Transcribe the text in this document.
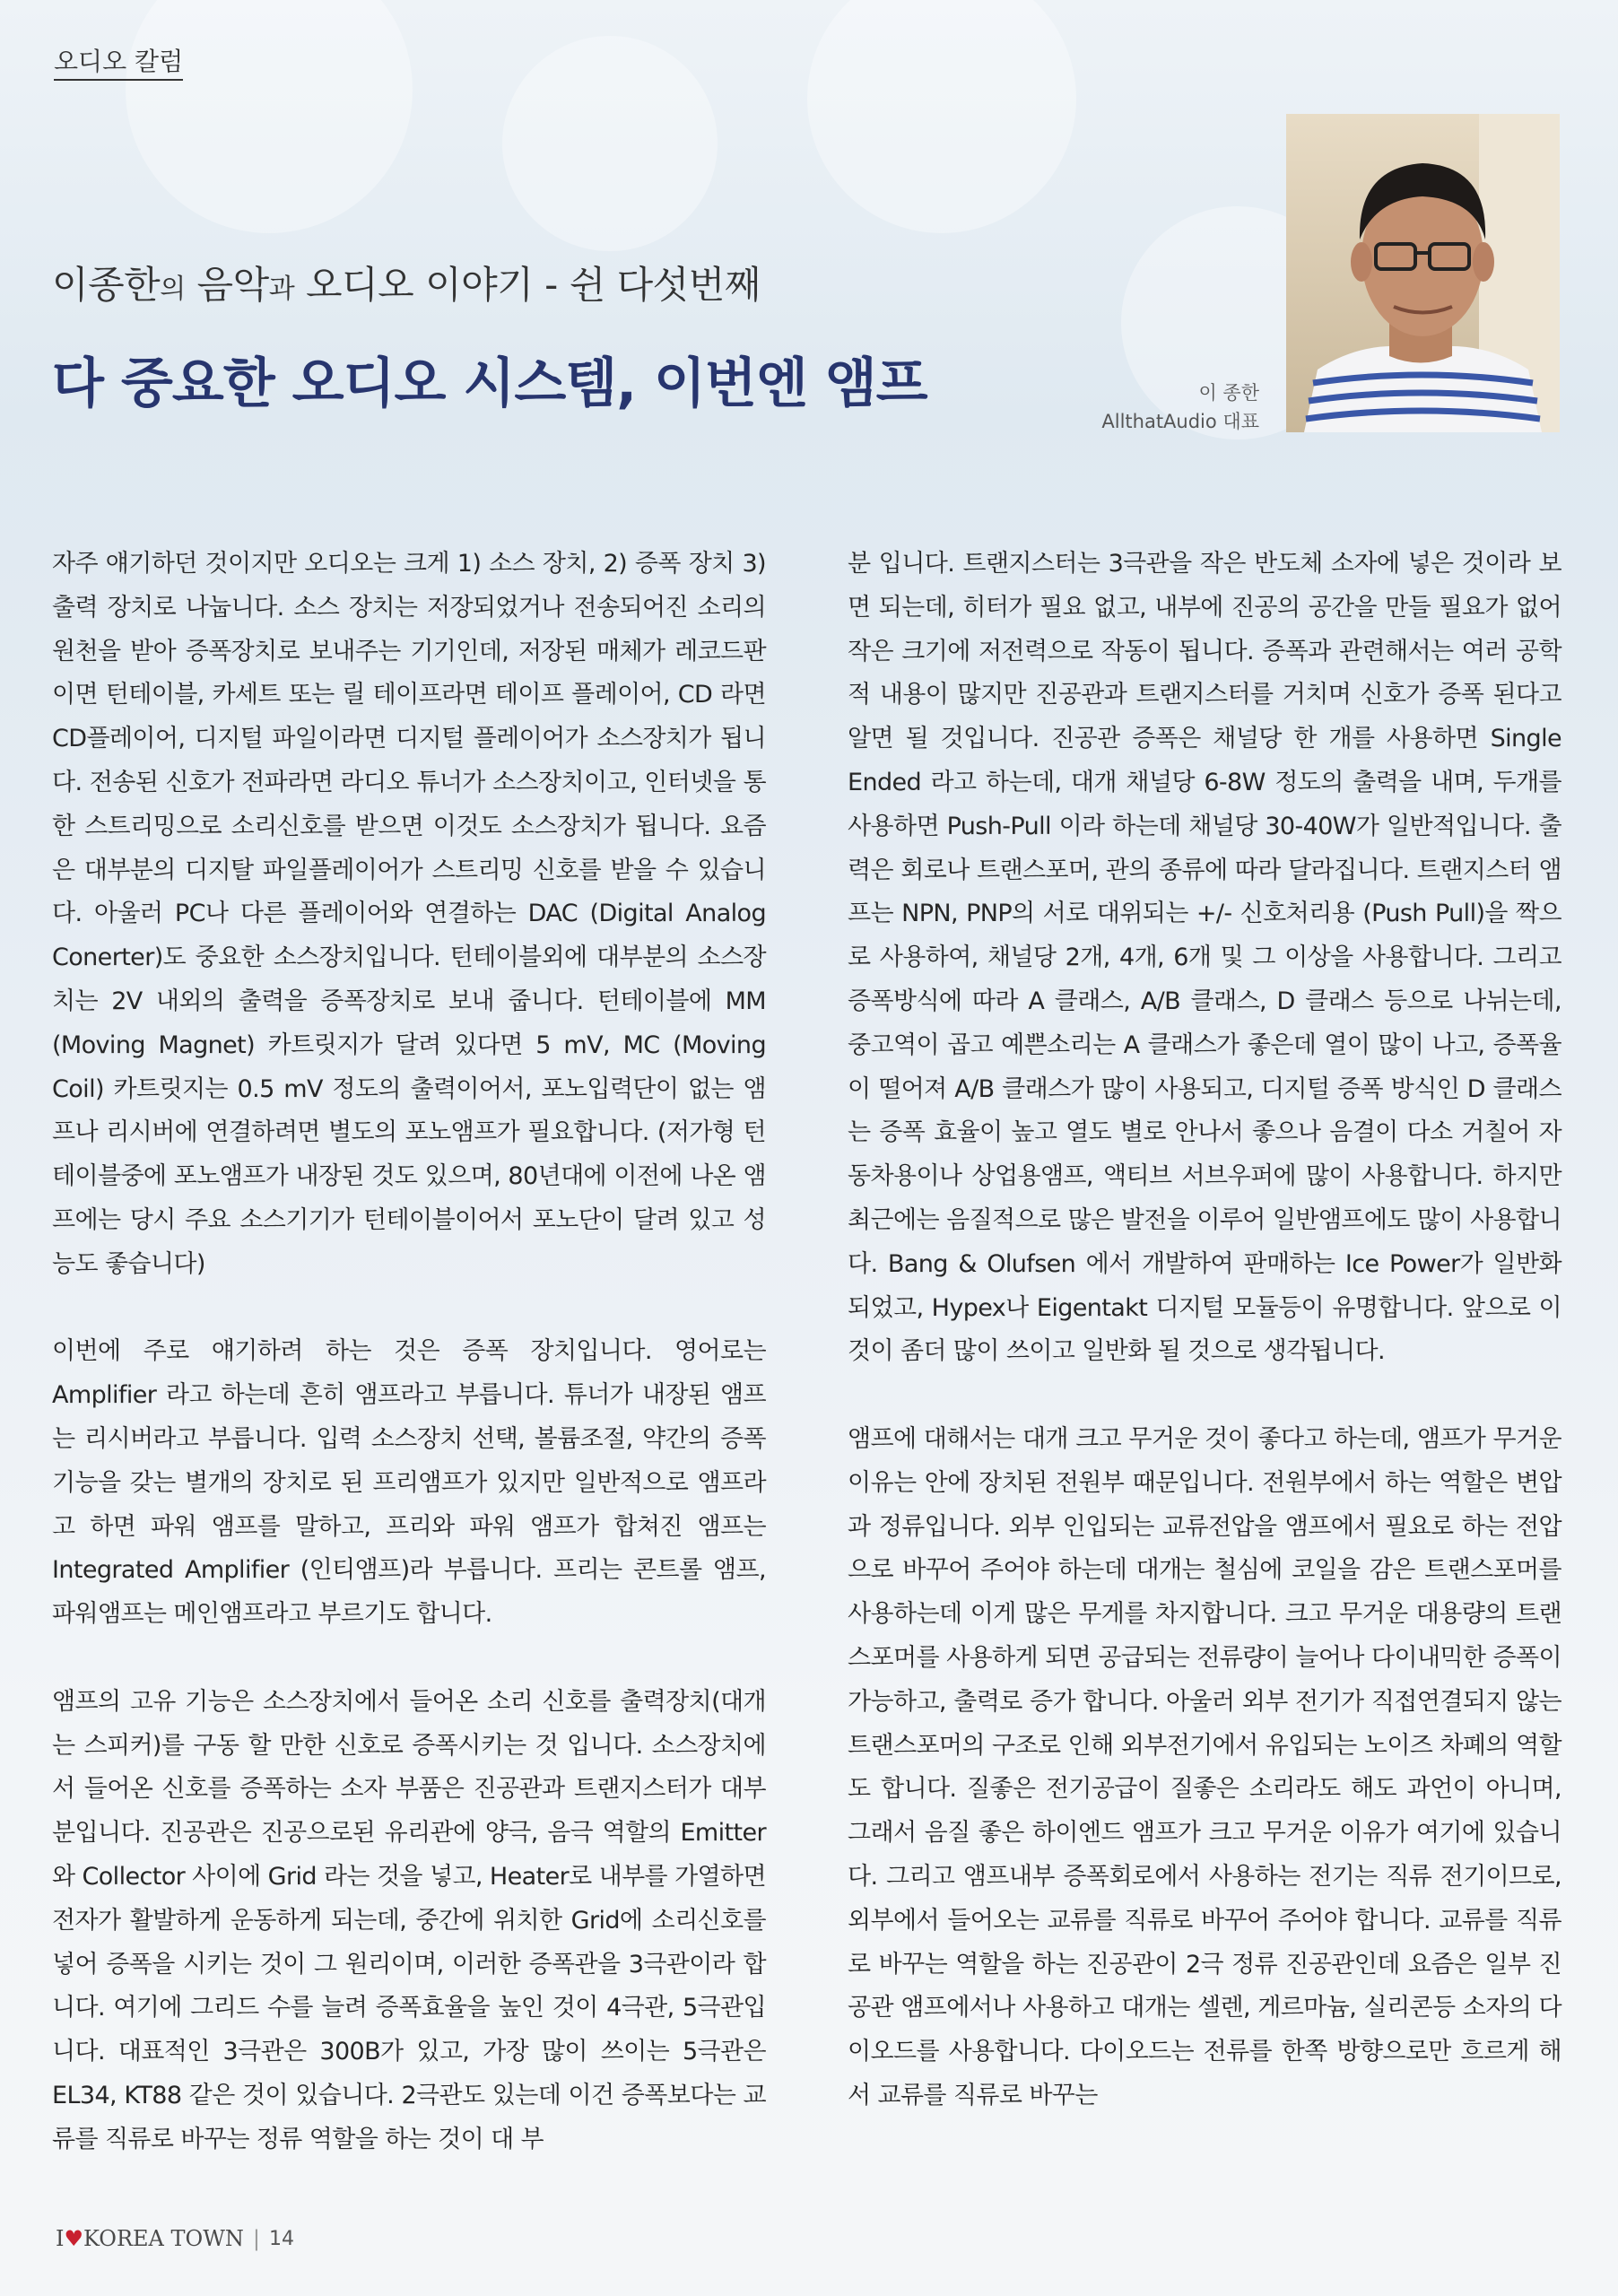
오디오 칼럼
이종한의 음악과 오디오 이야기 - 쉰 다섯번째
다 중요한 오디오 시스템, 이번엔 앰프	이 종한
AllthatAudio 대표

자주 얘기하던 것이지만 오디오는 크게 1) 소스 장치, 2) 증폭 장치 3) 출력 장치로 나눕니다. 소스 장치는 저장되었거나 전송되어진 소리의 원천을 받아 증폭장치로 보내주는 기기인데, 저장된 매체가 레코드판이면 턴테이블, 카세트 또는 릴 테이프라면 테이프 플레이어, CD 라면 CD플레이어, 디지털 파일이라면 디지털 플레이어가 소스장치가 됩니다. 전송된 신호가 전파라면 라디오 튜너가 소스장치이고, 인터넷을 통한 스트리밍으로 소리신호를 받으면 이것도 소스장치가 됩니다. 요즘은 대부분의 디지탈 파일플레이어가 스트리밍 신호를 받을 수 있습니다. 아울러 PC나 다른 플레이어와 연결하는 DAC (Digital Analog Conerter)도 중요한 소스장치입니다. 턴테이블외에 대부분의 소스장치는 2V 내외의 출력을 증폭장치로 보내 줍니다. 턴테이블에 MM (Moving Magnet) 카트릿지가 달려 있다면 5 mV, MC (Moving Coil) 카트릿지는 0.5 mV 정도의 출력이어서, 포노입력단이 없는 앰프나 리시버에 연결하려면 별도의 포노앰프가 필요합니다. (저가형 턴테이블중에 포노앰프가 내장된 것도 있으며, 80년대에 이전에 나온 앰프에는 당시 주요 소스기기가 턴테이블이어서 포노단이 달려 있고 성능도 좋습니다)

이번에 주로 얘기하려 하는 것은 증폭 장치입니다. 영어로는 Amplifier 라고 하는데 흔히 앰프라고 부릅니다. 튜너가 내장된 앰프는 리시버라고 부릅니다. 입력 소스장치 선택, 볼륨조절, 약간의 증폭 기능을 갖는 별개의 장치로 된 프리앰프가 있지만 일반적으로 앰프라고 하면 파워 앰프를 말하고, 프리와 파워 앰프가 합쳐진 앰프는 Integrated Amplifier (인티앰프)라 부릅니다. 프리는 콘트롤 앰프, 파워앰프는 메인앰프라고 부르기도 합니다.

앰프의 고유 기능은 소스장치에서 들어온 소리 신호를 출력장치(대개는 스피커)를 구동 할 만한 신호로 증폭시키는 것 입니다. 소스장치에서 들어온 신호를 증폭하는 소자 부품은 진공관과 트랜지스터가 대부분입니다. 진공관은 진공으로된 유리관에 양극, 음극 역할의 Emitter 와 Collector 사이에 Grid 라는 것을 넣고, Heater로 내부를 가열하면 전자가 활발하게 운동하게 되는데, 중간에 위치한 Grid에 소리신호를 넣어 증폭을 시키는 것이 그 원리이며, 이러한 증폭관을 3극관이라 합니다. 여기에 그리드 수를 늘려 증폭효율을 높인 것이 4극관, 5극관입니다. 대표적인 3극관은 300B가 있고, 가장 많이 쓰이는 5극관은 EL34, KT88 같은 것이 있습니다. 2극관도 있는데 이건 증폭보다는 교류를 직류로 바꾸는 정류 역할을 하는 것이 대 부

분 입니다. 트랜지스터는 3극관을 작은 반도체 소자에 넣은 것이라 보면 되는데, 히터가 필요 없고, 내부에 진공의 공간을 만들 필요가 없어 작은 크기에 저전력으로 작동이 됩니다. 증폭과 관련해서는 여러 공학적 내용이 많지만 진공관과 트랜지스터를 거치며 신호가 증폭 된다고 알면 될 것입니다. 진공관 증폭은 채널당 한 개를 사용하면 Single Ended 라고 하는데, 대개 채널당 6-8W 정도의 출력을 내며, 두개를 사용하면 Push-Pull 이라 하는데 채널당 30-40W가 일반적입니다. 출력은 회로나 트랜스포머, 관의 종류에 따라 달라집니다. 트랜지스터 앰프는 NPN, PNP의 서로 대위되는 +/- 신호처리용 (Push Pull)을 짝으로 사용하여, 채널당 2개, 4개, 6개 및 그 이상을 사용합니다. 그리고 증폭방식에 따라 A 클래스, A/B 클래스, D 클래스 등으로 나뉘는데, 중고역이 곱고 예쁜소리는 A 클래스가 좋은데 열이 많이 나고, 증폭율이 떨어져 A/B 클래스가 많이 사용되고, 디지털 증폭 방식인 D 클래스는 증폭 효율이 높고 열도 별로 안나서 좋으나 음결이 다소 거칠어 자동차용이나 상업용앰프, 액티브 서브우퍼에 많이 사용합니다. 하지만 최근에는 음질적으로 많은 발전을 이루어 일반앰프에도 많이 사용합니다. Bang & Olufsen 에서 개발하여 판매하는 Ice Power가 일반화 되었고, Hypex나 Eigentakt 디지털 모듈등이 유명합니다. 앞으로 이것이 좀더 많이 쓰이고 일반화 될 것으로 생각됩니다.

앰프에 대해서는 대개 크고 무거운 것이 좋다고 하는데, 앰프가 무거운 이유는 안에 장치된 전원부 때문입니다. 전원부에서 하는 역할은 변압과 정류입니다. 외부 인입되는 교류전압을 앰프에서 필요로 하는 전압으로 바꾸어 주어야 하는데 대개는 철심에 코일을 감은 트랜스포머를 사용하는데 이게 많은 무게를 차지합니다. 크고 무거운 대용량의 트랜스포머를 사용하게 되면 공급되는 전류량이 늘어나 다이내믹한 증폭이 가능하고, 출력로 증가 합니다. 아울러 외부 전기가 직접연결되지 않는 트랜스포머의 구조로 인해 외부전기에서 유입되는 노이즈 차폐의 역할도 합니다. 질좋은 전기공급이 질좋은 소리라도 해도 과언이 아니며, 그래서 음질 좋은 하이엔드 앰프가 크고 무거운 이유가 여기에 있습니다. 그리고 앰프내부 증폭회로에서 사용하는 전기는 직류 전기이므로, 외부에서 들어오는 교류를 직류로 바꾸어 주어야 합니다. 교류를 직류로 바꾸는 역할을 하는 진공관이 2극 정류 진공관인데 요즘은 일부 진공관 앰프에서나 사용하고 대개는 셀렌, 게르마늄, 실리콘등 소자의 다이오드를 사용합니다. 다이오드는 전류를 한쪽 방향으로만 흐르게 해서 교류를 직류로 바꾸는

I♥KOREA TOWN | 14
